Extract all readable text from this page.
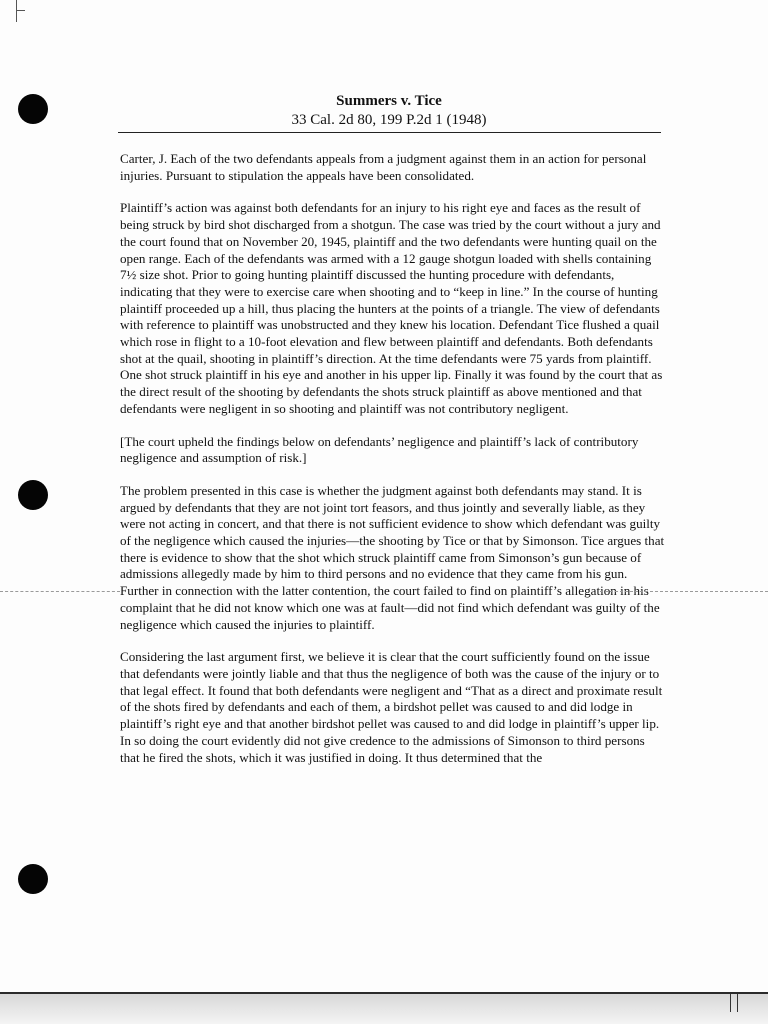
Summers v. Tice

33 Cal. 2d 80, 199 P.2d 1 (1948)

Carter, J. Each of the two defendants appeals from a judgment against them in an action for personal injuries. Pursuant to stipulation the appeals have been consolidated.

Plaintiff’s action was against both defendants for an injury to his right eye and faces as the result of being struck by bird shot discharged from a shotgun. The case was tried by the court without a jury and the court found that on November 20, 1945, plaintiff and the two defendants were hunting quail on the open range. Each of the defendants was armed with a 12 gauge shotgun loaded with shells containing 7½ size shot. Prior to going hunting plaintiff discussed the hunting procedure with defendants, indicating that they were to exercise care when shooting and to “keep in line.” In the course of hunting plaintiff proceeded up a hill, thus placing the hunters at the points of a triangle. The view of defendants with reference to plaintiff was unobstructed and they knew his location. Defendant Tice flushed a quail which rose in flight to a 10-foot elevation and flew between plaintiff and defendants. Both defendants shot at the quail, shooting in plaintiff’s direction. At the time defendants were 75 yards from plaintiff. One shot struck plaintiff in his eye and another in his upper lip. Finally it was found by the court that as the direct result of the shooting by defendants the shots struck plaintiff as above mentioned and that defendants were negligent in so shooting and plaintiff was not contributory negligent.

[The court upheld the findings below on defendants’ negligence and plaintiff’s lack of contributory negligence and assumption of risk.]

The problem presented in this case is whether the judgment against both defendants may stand. It is argued by defendants that they are not joint tort feasors, and thus jointly and severally liable, as they were not acting in concert, and that there is not sufficient evidence to show which defendant was guilty of the negligence which caused the injuries—the shooting by Tice or that by Simonson. Tice argues that there is evidence to show that the shot which struck plaintiff came from Simonson’s gun because of admissions allegedly made by him to third persons and no evidence that they came from his gun. Further in connection with the latter contention, the court failed to find on plaintiff’s allegation in his complaint that he did not know which one was at fault—did not find which defendant was guilty of the negligence which caused the injuries to plaintiff.

Considering the last argument first, we believe it is clear that the court sufficiently found on the issue that defendants were jointly liable and that thus the negligence of both was the cause of the injury or to that legal effect. It found that both defendants were negligent and “That as a direct and proximate result of the shots fired by defendants and each of them, a birdshot pellet was caused to and did lodge in plaintiff’s right eye and that another birdshot pellet was caused to and did lodge in plaintiff’s upper lip. In so doing the court evidently did not give credence to the admissions of Simonson to third persons that he fired the shots, which it was justified in doing. It thus determined that the
